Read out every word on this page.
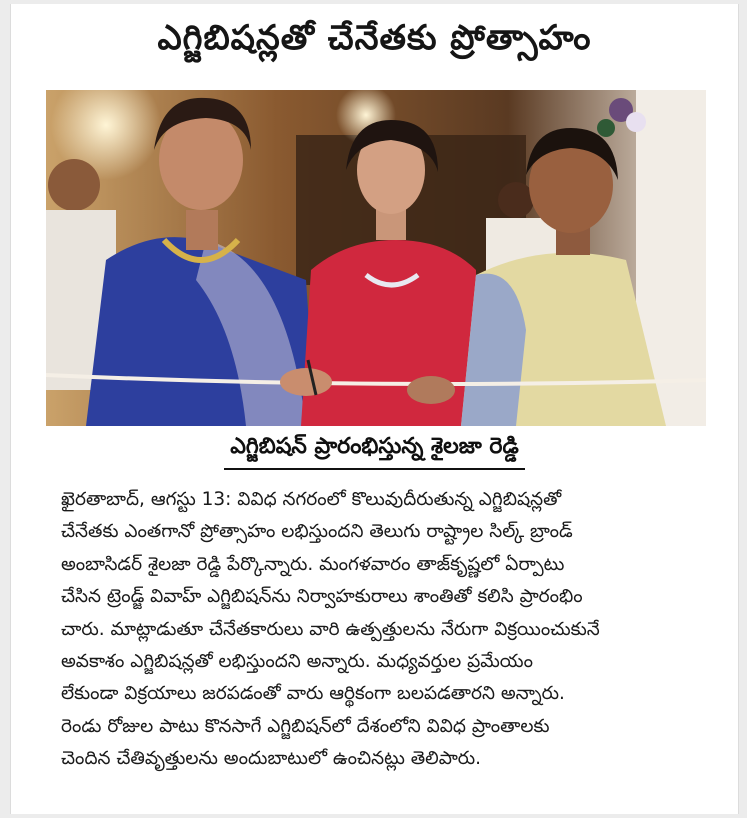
ఎగ్జిబిషన్లతో చేనేతకు ప్రోత్సాహం
ఎగ్జిబిషన్ ప్రారంభిస్తున్న శైలజా రెడ్డి
ఖైరతాబాద్, ఆగస్టు 13: వివిధ నగరంలో కొలువుదీరుతున్న ఎగ్జిబిషన్లతో
చేనేతకు ఎంతగానో ప్రోత్సాహం లభిస్తుందని తెలుగు రాష్ట్రాల సిల్క్ బ్రాండ్
అంబాసిడర్ శైలజా రెడ్డి పేర్కొన్నారు. మంగళవారం తాజ్‌కృష్ణలో ఏర్పాటు
చేసిన ట్రెండ్జ్ వివాహ్ ఎగ్జిబిషన్‌ను నిర్వాహకురాలు శాంతితో కలిసి ప్రారంభిం
చారు. మాట్లాడుతూ చేనేతకారులు వారి ఉత్పత్తులను నేరుగా విక్రయించుకునే
అవకాశం ఎగ్జిబిషన్లతో లభిస్తుందని అన్నారు. మధ్యవర్తుల ప్రమేయం
లేకుండా విక్రయాలు జరపడంతో వారు ఆర్థికంగా బలపడతారని అన్నారు.
రెండు రోజుల పాటు కొనసాగే ఎగ్జిబిషన్‌లో దేశంలోని వివిధ ప్రాంతాలకు
చెందిన చేతివృత్తులను అందుబాటులో ఉంచినట్లు తెలిపారు.
